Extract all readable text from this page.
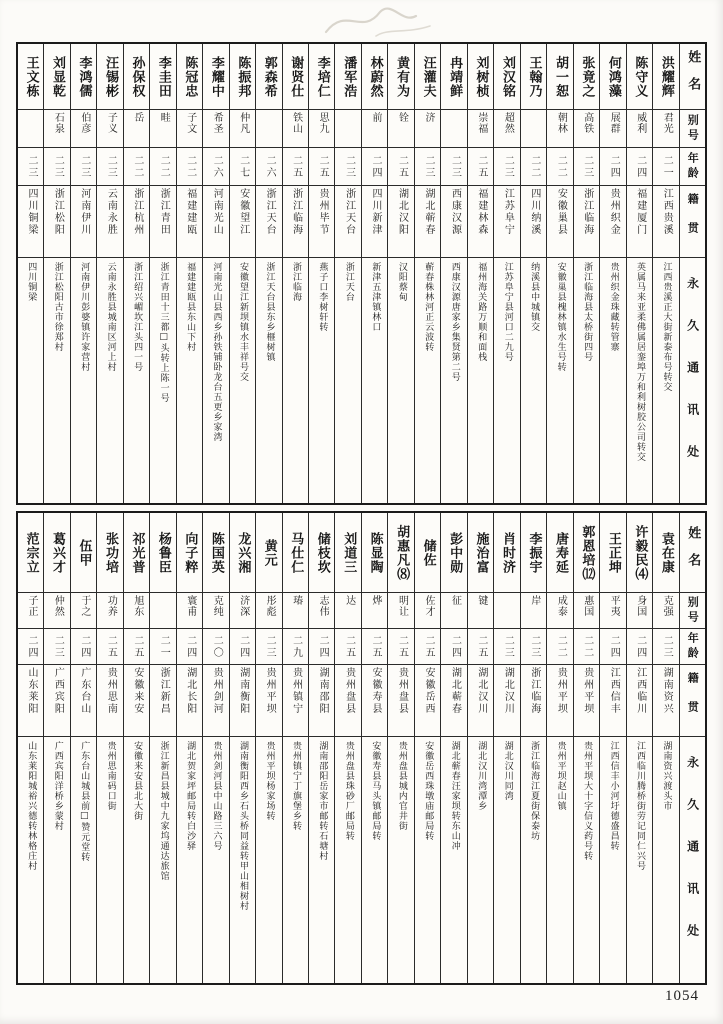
姓名
别号
年龄
籍贯
永久通讯处
洪耀辉
君光
二一
江西贵溪
江西贵溪正大街新泰布号转交
陈守义
威利
二四
福建厦门
英属马来亚柔佛属居銮埠万和利树胶公司转交
何鸿藻
展群
二四
贵州织金
贵州织金珠藏转管寨
张竟之
高铁
二三
浙江临海
浙江临海县太桥街四号
胡一恕
朝林
二二
安徽巢县
安徽巢县槐林镇水生号转
王翰乃
二二
四川纳溪
纳溪县中城镇交
刘汉铭
超然
二三
江苏阜宁
江苏阜宁县河口二九号
刘树桢
崇福
二五
福建林森
福州海关路万顺和面栈
冉靖鲜
二三
西康汉源
西康汉源唐家乡集贤第二号
汪灌夫
济
二三
湖北蕲春
蕲春株林河正云波转
黄有为
铨
二五
湖北汉阳
汉阳蔡甸
林蔚然
前
二四
四川新津
新津五津镇林口
潘军浩
二三
浙江天台
浙江天台
李培仁
思九
二五
贵州毕节
燕子口李树轩转
谢贤仕
铁山
二五
浙江临海
浙江临海
郭森希
二六
浙江天台
浙江天台县东乡榧树镇
陈振邦
仲凡
二七
安徽望江
安徽望江新坝镇水丰祥号交
李耀中
希圣
二六
河南光山
河南光山县西乡孙铁铺卧龙台五更乡家湾
陈冠忠
子文
二二
福建建瓯
福建建瓯县东山下村
李圭田
畦
二二
浙江青田
浙江青田十三都□头转上陈一号
孙保权
岳
二二
浙江杭州
浙江绍兴嵋坎江头四一号
汪锡彬
子义
二三
云南永胜
云南永胜县城南区河上村
李鸿儒
伯彦
二三
河南伊川
河南伊川彭婆镇许家营村
刘显乾
石泉
二三
浙江松阳
浙江松阳古市徐郑村
王文栋
二三
四川铜梁
四川铜梁
姓名
别号
年龄
籍贯
永久通讯处
袁在康
克强
二三
湖南资兴
湖南资兴渡头市
许毅民⑷
身国
二四
江西临川
江西临川腾桥街劳记同仁兴号
王正坤
平夷
二四
江西信丰
江西信丰小河圩德盛昌转
郭恩培⑿
惠国
二二
贵州平坝
贵州平坝大十字信义药号转
唐寿延
成泰
二二
贵州平坝
贵州平坝赵山镇
李振宇
岸
二三
浙江临海
浙江临海江夏街保泰坊
肖时济
二三
湖北汉川
湖北汉川同湾
施治富
键
二五
湖北汉川
湖北汉川湾潭乡
彭中勋
征
二四
湖北蕲春
湖北蕲春汪家坝转东山冲
储佐
佐才
二五
安徽岳西
安徽岳西珠墩庙邮局转
胡惠凡⑻
明让
二五
贵州盘县
贵州盘县城内官井街
陈显陶
烨
二五
安徽寿县
安徽寿县马头镇邮局转
刘道三
达
二五
贵州盘县
贵州盘县珠砂厂邮局转
储枝坎
志伟
二四
湖南邵阳
湖南邵阳岳家市邮转石塘村
马仕仁
瑃
二九
贵州镇宁
贵州镇宁丁旗堡乡转
黄元
彤彪
二三
贵州平坝
贵州平坝杨家场转
龙兴湘
济深
二四
湖南衡阳
湖南衡阳西乡石头桥同益转甲山相树村
陈国英
克纯
二〇
贵州剑河
贵州剑河县中山路三六号
向子粹
寰甫
二四
湖北长阳
湖北贺家坪邮局转白沙驿
杨鲁臣
二一
浙江新昌
浙江新昌县城中九家坞通达旅馆
祁光普
旭东
二五
安徽来安
安徽来安县北大街
张功培
功养
二五
贵州思南
贵州思南码口街
伍甲
于之
二四
广东台山
广东台山城县前□赞元堂转
葛兴才
仲然
二三
广西宾阳
广西宾阳洋桥乡蒙村
范宗立
子正
二四
山东莱阳
山东莱阳城裕兴德转林格庄村
1054
